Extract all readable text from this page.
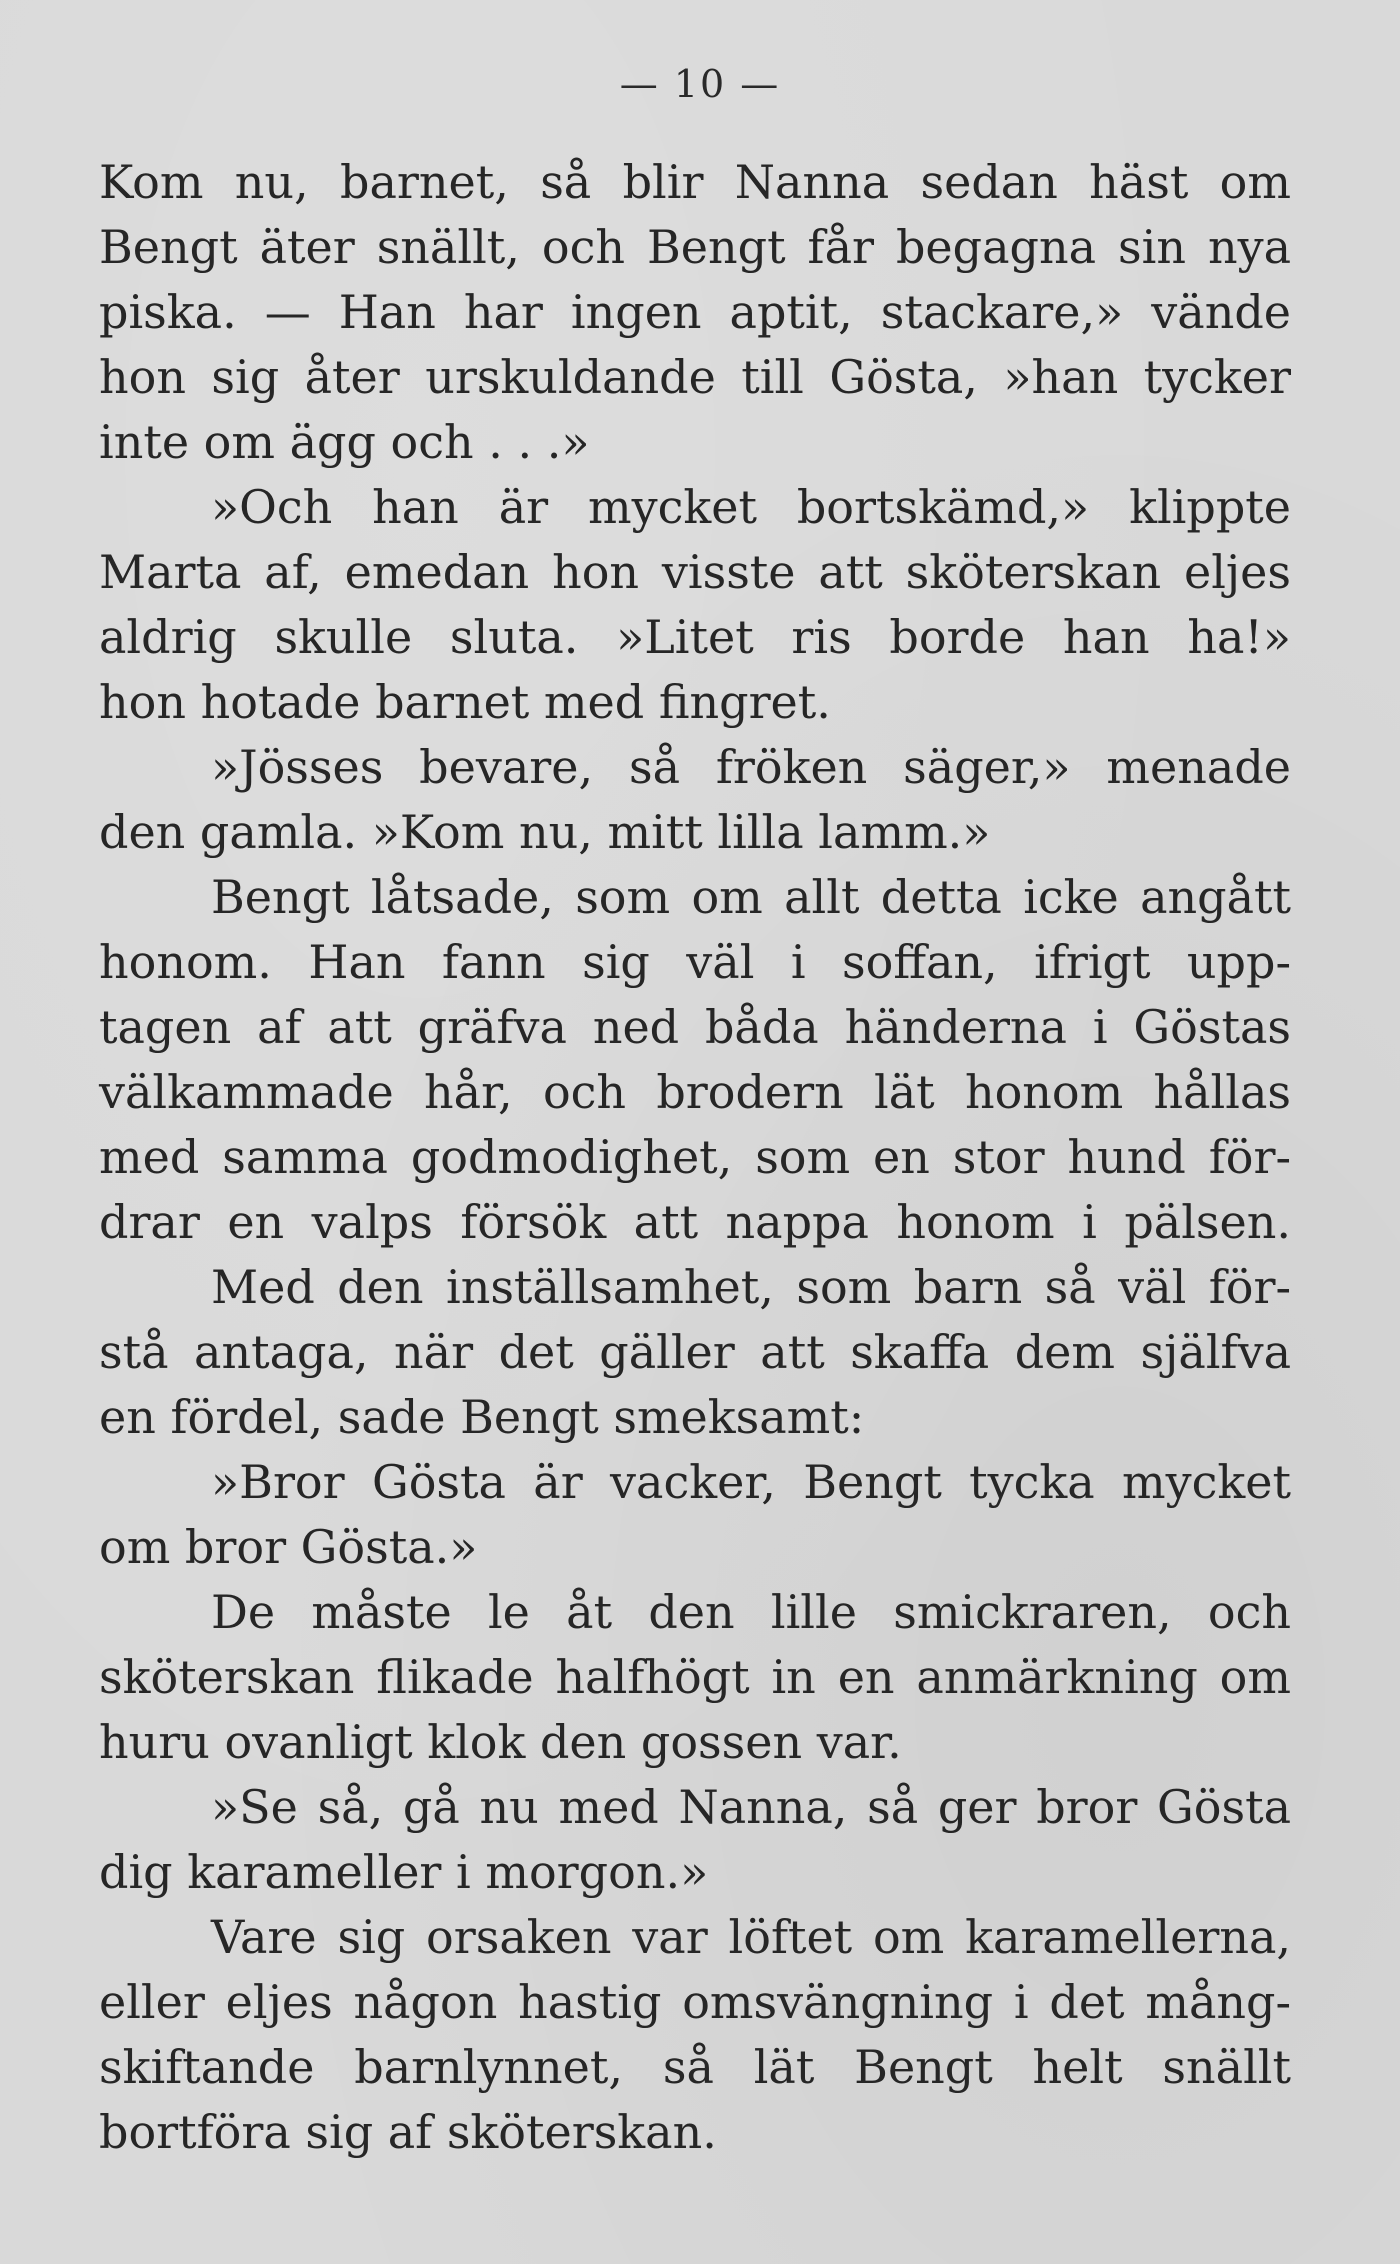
— 10 —
Kom nu, barnet, så blir Nanna sedan häst om
Bengt äter snällt, och Bengt får begagna sin nya
piska. — Han har ingen aptit, stackare,» vände
hon sig åter urskuldande till Gösta, »han tycker
inte om ägg och . . .»
»Och han är mycket bortskämd,» klippte
Marta af, emedan hon visste att sköterskan eljes
aldrig skulle sluta. »Litet ris borde han ha!»
hon hotade barnet med fingret.
»Jösses bevare, så fröken säger,» menade
den gamla. »Kom nu, mitt lilla lamm.»
Bengt låtsade, som om allt detta icke angått
honom. Han fann sig väl i soffan, ifrigt upp-
tagen af att gräfva ned båda händerna i Göstas
välkammade hår, och brodern lät honom hållas
med samma godmodighet, som en stor hund för-
drar en valps försök att nappa honom i pälsen.
Med den inställsamhet, som barn så väl för-
stå antaga, när det gäller att skaffa dem själfva
en fördel, sade Bengt smeksamt:
»Bror Gösta är vacker, Bengt tycka mycket
om bror Gösta.»
De måste le åt den lille smickraren, och
sköterskan flikade halfhögt in en anmärkning om
huru ovanligt klok den gossen var.
»Se så, gå nu med Nanna, så ger bror Gösta
dig karameller i morgon.»
Vare sig orsaken var löftet om karamellerna,
eller eljes någon hastig omsvängning i det mång-
skiftande barnlynnet, så lät Bengt helt snällt
bortföra sig af sköterskan.
